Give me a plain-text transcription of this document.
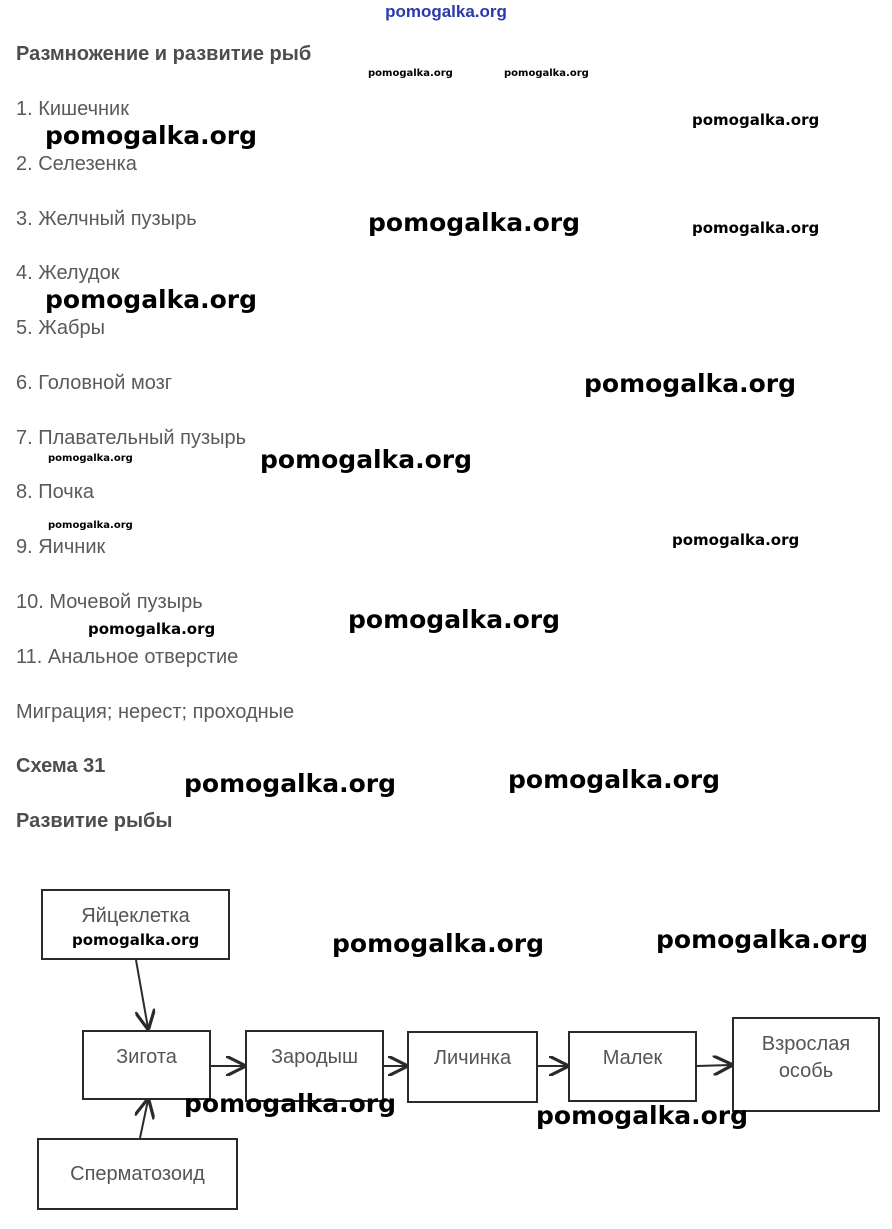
pomogalka.org
Размножение и развитие рыб
1. Кишечник
2. Селезенка
3. Желчный пузырь
4. Желудок
5. Жабры
6. Головной мозг
7. Плавательный пузырь
8. Почка
9. Яичник
10. Мочевой пузырь
11. Анальное отверстие
Миграция; нерест; проходные
Схема 31
Развитие рыбы
Яйцеклетка
Зигота
Сперматозоид
Зародыш	Личинка	Малек
Взрослая
особь
pomogalka.org	pomogalka.org
pomogalka.org
pomogalka.org
pomogalka.org	pomogalka.org
pomogalka.org
pomogalka.org
pomogalka.org	pomogalka.org
pomogalka.org
pomogalka.org
pomogalka.org	pomogalka.org
pomogalka.org	pomogalka.org
pomogalka.org	pomogalka.org	pomogalka.org
pomogalka.org	pomogalka.org
